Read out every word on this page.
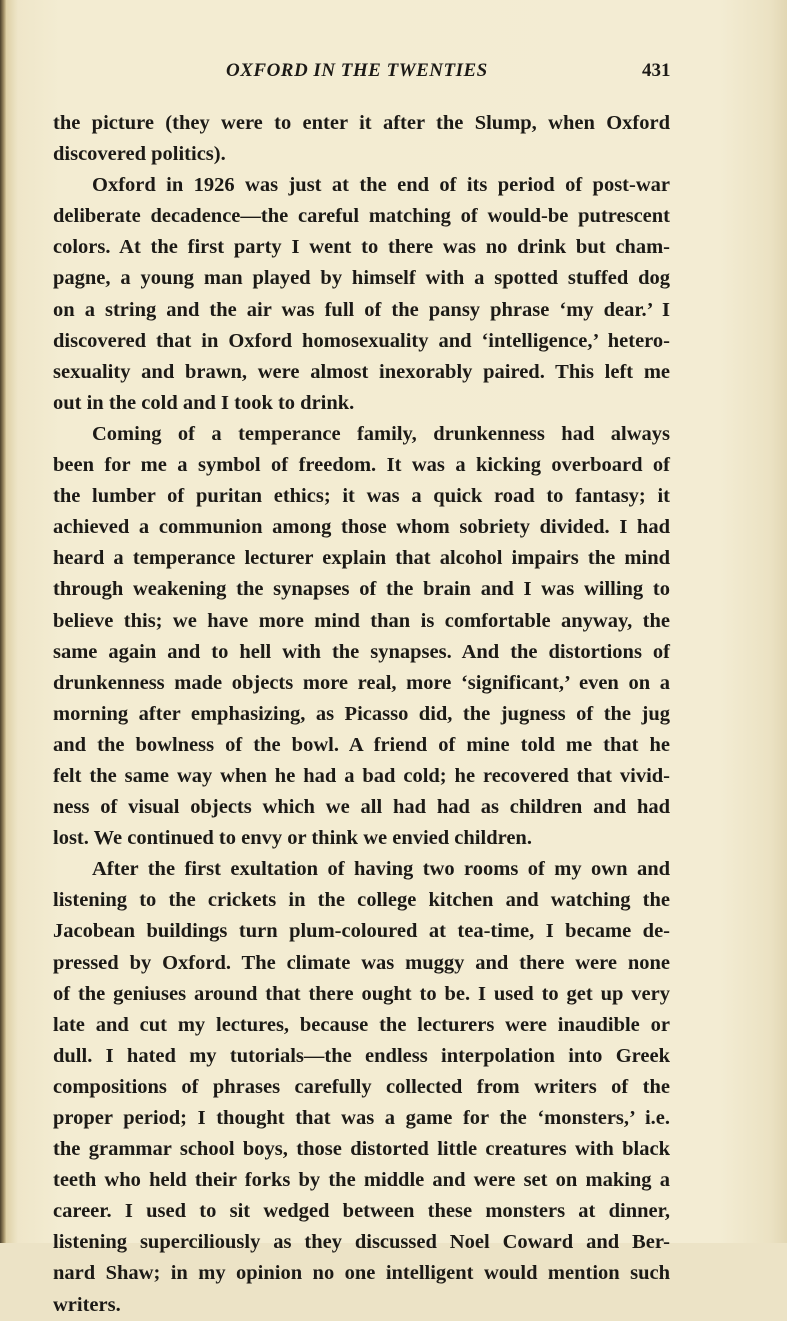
OXFORD IN THE TWENTIES	431
the picture (they were to enter it after the Slump, when Oxford
discovered politics).
Oxford in 1926 was just at the end of its period of post-war
deliberate decadence—the careful matching of would-be putrescent
colors. At the first party I went to there was no drink but cham-
pagne, a young man played by himself with a spotted stuffed dog
on a string and the air was full of the pansy phrase ‘my dear.’ I
discovered that in Oxford homosexuality and ‘intelligence,’ hetero-
sexuality and brawn, were almost inexorably paired. This left me
out in the cold and I took to drink.
Coming of a temperance family, drunkenness had always
been for me a symbol of freedom. It was a kicking overboard of
the lumber of puritan ethics; it was a quick road to fantasy; it
achieved a communion among those whom sobriety divided. I had
heard a temperance lecturer explain that alcohol impairs the mind
through weakening the synapses of the brain and I was willing to
believe this; we have more mind than is comfortable anyway, the
same again and to hell with the synapses. And the distortions of
drunkenness made objects more real, more ‘significant,’ even on a
morning after emphasizing, as Picasso did, the jugness of the jug
and the bowlness of the bowl. A friend of mine told me that he
felt the same way when he had a bad cold; he recovered that vivid-
ness of visual objects which we all had had as children and had
lost. We continued to envy or think we envied children.
After the first exultation of having two rooms of my own and
listening to the crickets in the college kitchen and watching the
Jacobean buildings turn plum-coloured at tea-time, I became de-
pressed by Oxford. The climate was muggy and there were none
of the geniuses around that there ought to be. I used to get up very
late and cut my lectures, because the lecturers were inaudible or
dull. I hated my tutorials—the endless interpolation into Greek
compositions of phrases carefully collected from writers of the
proper period; I thought that was a game for the ‘monsters,’ i.e.
the grammar school boys, those distorted little creatures with black
teeth who held their forks by the middle and were set on making a
career. I used to sit wedged between these monsters at dinner,
listening superciliously as they discussed Noel Coward and Ber-
nard Shaw; in my opinion no one intelligent would mention such
writers.
